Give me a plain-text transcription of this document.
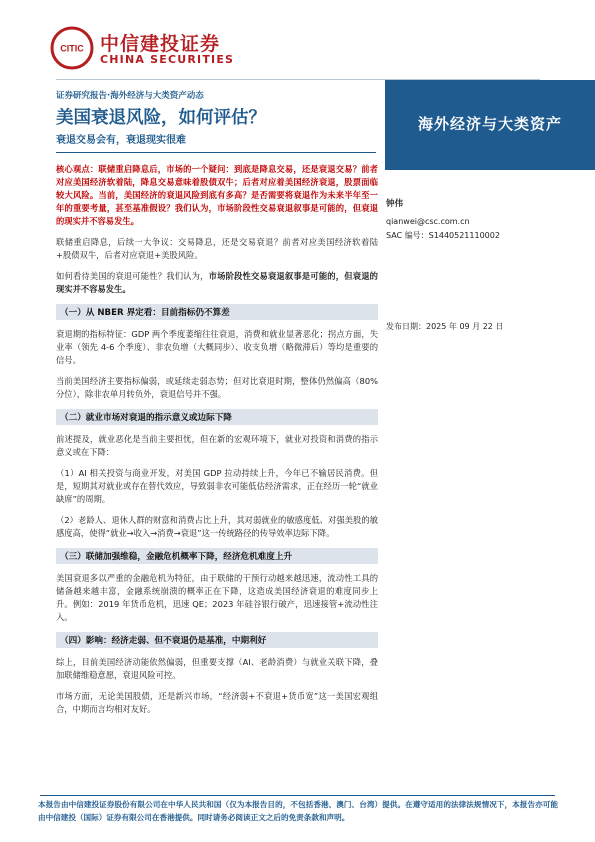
CITIC 中信建投证券
CHINA SECURITIES
海外经济与大类资产
证券研究报告·海外经济与大类资产动态
美国衰退风险，如何评估？
衰退交易会有，衰退现实很难

核心观点：联储重启降息后，市场的一个疑问：到底是降息交易，还是衰退交易？前者对应美国经济软着陆，降息交易意味着股债双牛；后者对应着美国经济衰退，股票面临较大风险。当前，美国经济的衰退风险到底有多高？是否需要将衰退作为未来半年至一年的重要考量，甚至基准假设？我们认为，市场阶段性交易衰退叙事是可能的，但衰退的现实并不容易发生。

联储重启降息，后续一大争议：交易降息，还是交易衰退？前者对应美国经济软着陆+股债双牛，后者对应衰退+美股风险。

如何看待美国的衰退可能性？我们认为，市场阶段性交易衰退叙事是可能的，但衰退的现实并不容易发生。

（一）从 NBER 界定看：目前指标仍不算差

衰退期的指标特征：GDP 两个季度萎缩往往衰退，消费和就业显著恶化；拐点方面，失业率（领先 4-6 个季度）、非农负增（大概同步）、收支负增（略微滞后）等均是重要的信号。

当前美国经济主要指标偏弱，或延续走弱态势；但对比衰退时期，整体仍然偏高（80%分位），除非农单月转负外，衰退信号并不强。

（二）就业市场对衰退的指示意义或边际下降

前述提及，就业恶化是当前主要担忧，但在新的宏观环境下，就业对投资和消费的指示意义或在下降：

（1）AI 相关投资与商业开发，对美国 GDP 拉动持续上升，今年已不输居民消费。但是，短期其对就业或存在替代效应，导致弱非农可能低估经济需求，正在经历一轮“就业缺席”的周期。

（2）老龄人、退休人群的财富和消费占比上升，其对弱就业的敏感度低、对强美股的敏感度高，使得“就业→收入→消费→衰退”这一传统路径的传导效率边际下降。

（三）联储加强维稳，金融危机概率下降，经济危机难度上升

美国衰退多以严重的金融危机为特征，由于联储的干预行动越来越迅速，流动性工具的储备越来越丰富，金融系统崩溃的概率正在下降，这造成美国经济衰退的难度同步上升。例如：2019 年货币危机，迅速 QE；2023 年硅谷银行破产，迅速接管+流动性注入。

（四）影响：经济走弱、但不衰退仍是基准，中期利好

综上，目前美国经济动能依然偏弱，但重要支撑（AI、老龄消费）与就业关联下降，叠加联储维稳意愿，衰退风险可控。

市场方面，无论美国股债，还是新兴市场，“经济弱+不衰退+货币宽”这一美国宏观组合，中期而言均相对友好。

钟伟
qianwei@csc.com.cn
SAC 编号：S1440521110002
发布日期：2025 年 09 月 22 日
本报告由中信建投证券股份有限公司在中华人民共和国（仅为本报告目的，不包括香港、澳门、台湾）提供。在遵守适用的法律法规情况下，本报告亦可能由中信建投（国际）证券有限公司在香港提供。同时请务必阅读正文之后的免责条款和声明。
